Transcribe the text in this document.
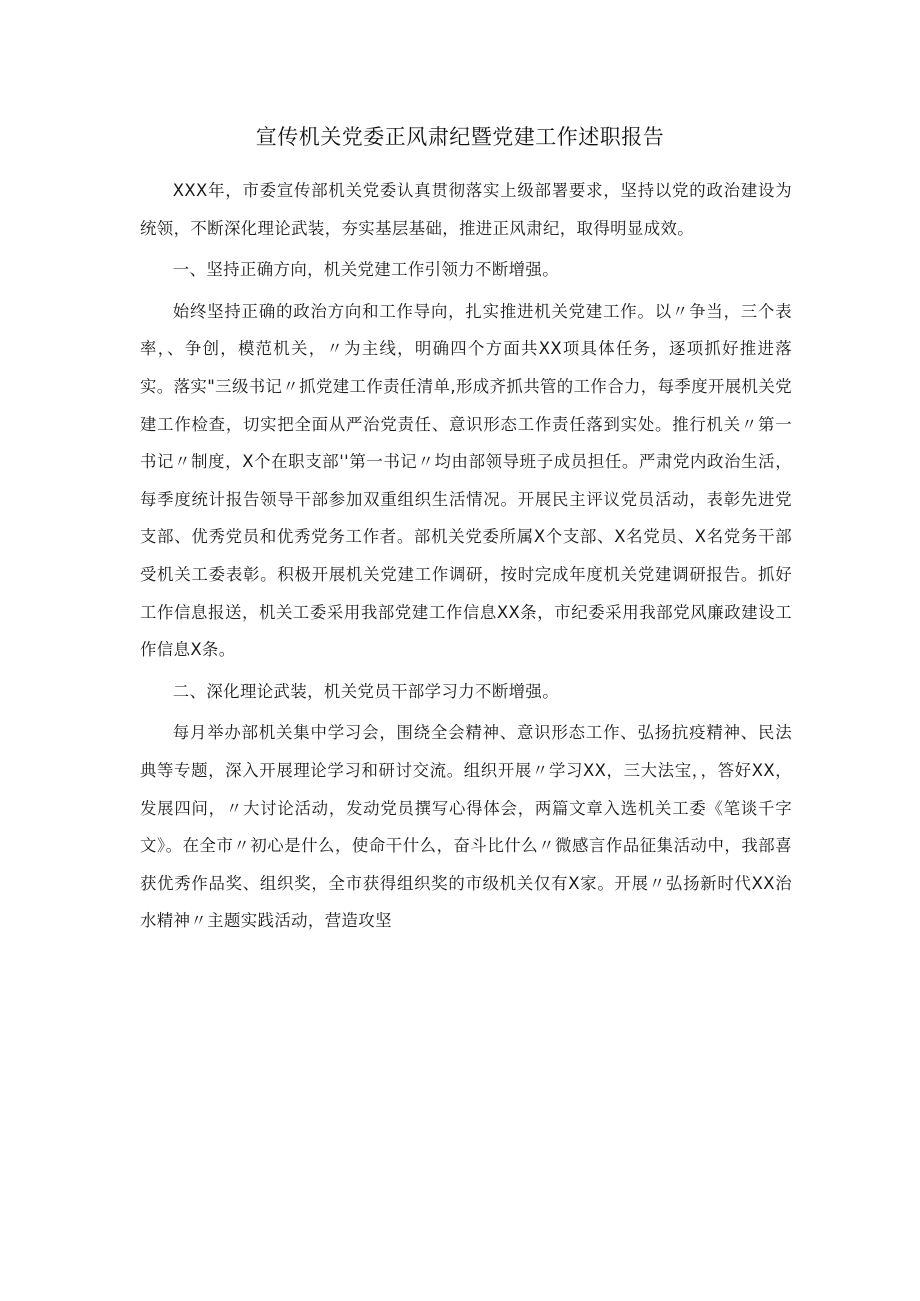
宣传机关党委正风肃纪暨党建工作述职报告

XXX年，市委宣传部机关党委认真贯彻落实上级部署要求，坚持以党的政治建设为统领，不断深化理论武装，夯实基层基础，推进正风肃纪，取得明显成效。

一、坚持正确方向，机关党建工作引领力不断增强。

始终坚持正确的政治方向和工作导向，扎实推进机关党建工作。以〃争当，三个表率，、争创，模范机关，〃为主线，明确四个方面共XX项具体任务，逐项抓好推进落实。落实"三级书记〃抓党建工作责任清单,形成齐抓共管的工作合力，每季度开展机关党建工作检查，切实把全面从严治党责任、意识形态工作责任落到实处。推行机关〃第一书记〃制度，X个在职支部''第一书记〃均由部领导班子成员担任。严肃党内政治生活，每季度统计报告领导干部参加双重组织生活情况。开展民主评议党员活动，表彰先进党支部、优秀党员和优秀党务工作者。部机关党委所属X个支部、X名党员、X名党务干部受机关工委表彰。积极开展机关党建工作调研，按时完成年度机关党建调研报告。抓好工作信息报送，机关工委采用我部党建工作信息XX条，市纪委采用我部党风廉政建设工作信息X条。

二、深化理论武装，机关党员干部学习力不断增强。

每月举办部机关集中学习会，围绕全会精神、意识形态工作、弘扬抗疫精神、民法典等专题，深入开展理论学习和研讨交流。组织开展〃学习XX，三大法宝，，答好XX，发展四问，〃大讨论活动，发动党员撰写心得体会，两篇文章入选机关工委《笔谈千字文》。在全市〃初心是什么，使命干什么，奋斗比什么〃微感言作品征集活动中，我部喜获优秀作品奖、组织奖，全市获得组织奖的市级机关仅有X家。开展〃弘扬新时代XX治水精神〃主题实践活动，营造攻坚
